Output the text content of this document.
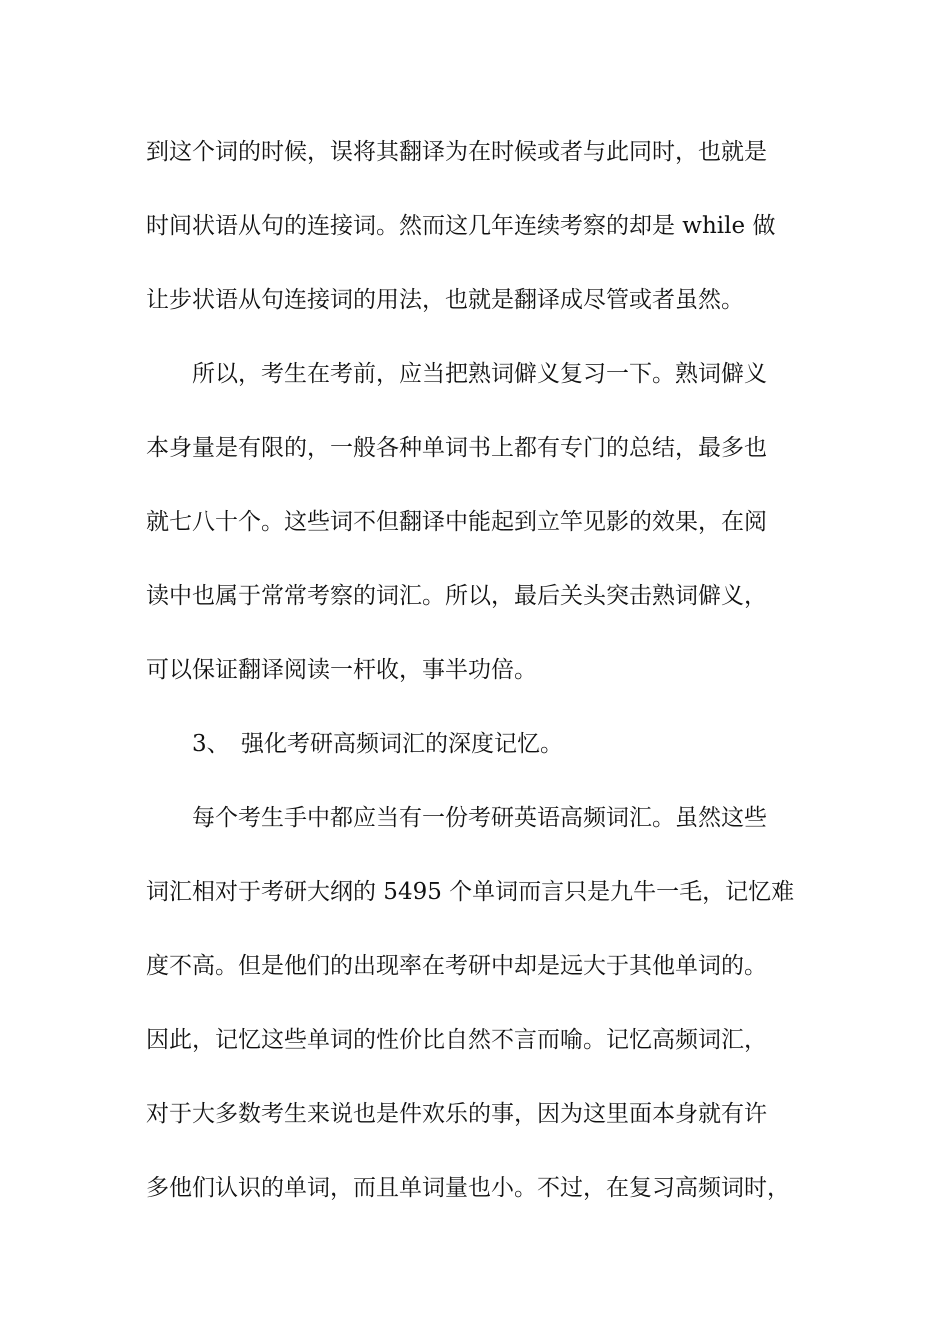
到这个词的时候，误将其翻译为在时候或者与此同时，也就是
时间状语从句的连接词。然而这几年连续考察的却是 while 做
让步状语从句连接词的用法，也就是翻译成尽管或者虽然。
所以，考生在考前，应当把熟词僻义复习一下。熟词僻义
本身量是有限的，一般各种单词书上都有专门的总结，最多也
就七八十个。这些词不但翻译中能起到立竿见影的效果，在阅
读中也属于常常考察的词汇。所以，最后关头突击熟词僻义，
可以保证翻译阅读一杆收，事半功倍。
3、 强化考研高频词汇的深度记忆。
每个考生手中都应当有一份考研英语高频词汇。虽然这些
词汇相对于考研大纲的 5495 个单词而言只是九牛一毛，记忆难
度不高。但是他们的出现率在考研中却是远大于其他单词的。
因此，记忆这些单词的性价比自然不言而喻。记忆高频词汇，
对于大多数考生来说也是件欢乐的事，因为这里面本身就有许
多他们认识的单词，而且单词量也小。不过，在复习高频词时，
